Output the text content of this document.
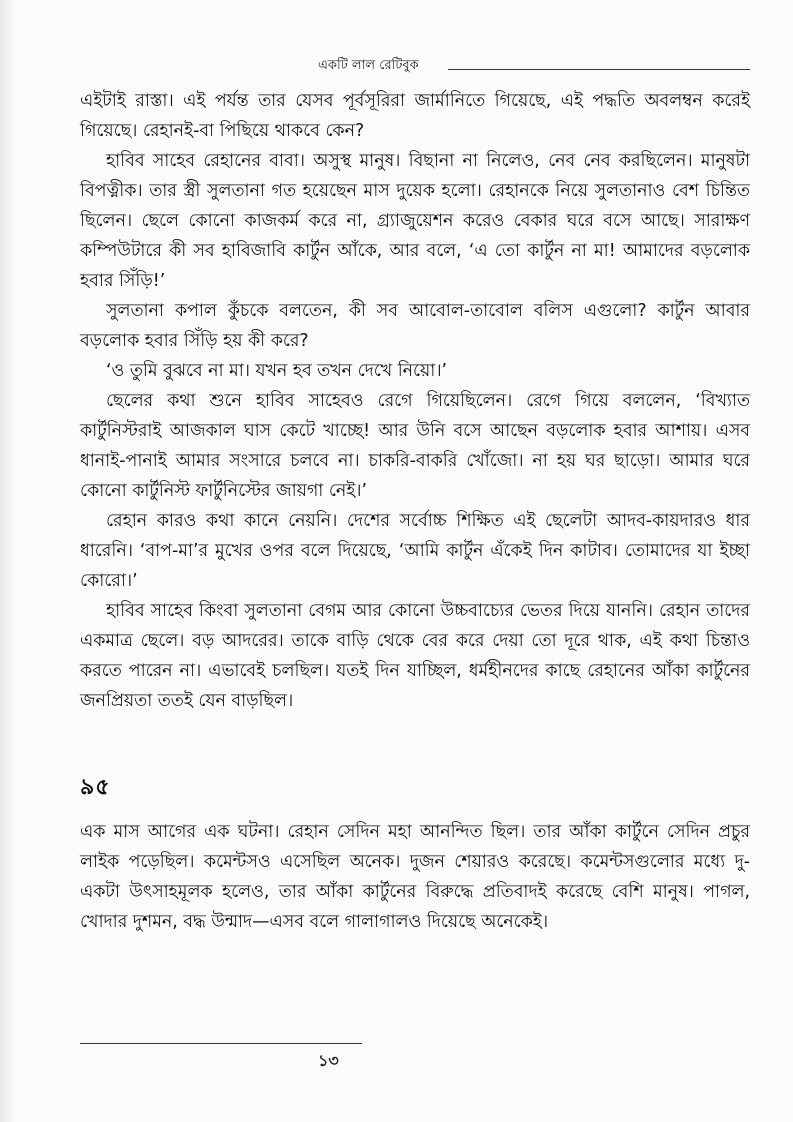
একটি লাল রেটিবুক

এইটাই রাস্তা। এই পর্যন্ত তার যেসব পূর্বসূরিরা জার্মানিতে গিয়েছে, এই পদ্ধতি অবলম্বন করেই গিয়েছে। রেহানই-বা পিছিয়ে থাকবে কেন?

হাবিব সাহেব রেহানের বাবা। অসুস্থ মানুষ। বিছানা না নিলেও, নেব নেব করছিলেন। মানুষটা বিপত্নীক। তার স্ত্রী সুলতানা গত হয়েছেন মাস দুয়েক হলো। রেহানকে নিয়ে সুলতানাও বেশ চিন্তিত ছিলেন। ছেলে কোনো কাজকর্ম করে না, গ্র্যাজুয়েশন করেও বেকার ঘরে বসে আছে। সারাক্ষণ কম্পিউটারে কী সব হাবিজাবি কার্টুন আঁকে, আর বলে, ‘এ তো কার্টুন না মা! আমাদের বড়লোক হবার সিঁড়ি!’

সুলতানা কপাল কুঁচকে বলতেন, কী সব আবোল-তাবোল বলিস এগুলো? কার্টুন আবার বড়লোক হবার সিঁড়ি হয় কী করে?

‘ও তুমি বুঝবে না মা। যখন হব তখন দেখে নিয়ো।’

ছেলের কথা শুনে হাবিব সাহেবও রেগে গিয়েছিলেন। রেগে গিয়ে বললেন, ‘বিখ্যাত কার্টুনিস্টরাই আজকাল ঘাস কেটে খাচ্ছে! আর উনি বসে আছেন বড়লোক হবার আশায়। এসব ধানাই-পানাই আমার সংসারে চলবে না। চাকরি-বাকরি খোঁজো। না হয় ঘর ছাড়ো। আমার ঘরে কোনো কার্টুনিস্ট ফার্টুনিস্টের জায়গা নেই।’

রেহান কারও কথা কানে নেয়নি। দেশের সর্বোচ্চ শিক্ষিত এই ছেলেটা আদব-কায়দারও ধার ধারেনি। ‘বাপ-মা’র মুখের ওপর বলে দিয়েছে, ‘আমি কার্টুন এঁকেই দিন কাটাব। তোমাদের যা ইচ্ছা কোরো।’

হাবিব সাহেব কিংবা সুলতানা বেগম আর কোনো উচ্চবাচ্যের ভেতর দিয়ে যাননি। রেহান তাদের একমাত্র ছেলে। বড় আদরের। তাকে বাড়ি থেকে বের করে দেয়া তো দূরে থাক, এই কথা চিন্তাও করতে পারেন না। এভাবেই চলছিল। যতই দিন যাচ্ছিল, ধর্মহীনদের কাছে রেহানের আঁকা কার্টুনের জনপ্রিয়তা ততই যেন বাড়ছিল।

৯৫

এক মাস আগের এক ঘটনা। রেহান সেদিন মহা আনন্দিত ছিল। তার আঁকা কার্টুনে সেদিন প্রচুর লাইক পড়েছিল। কমেন্টসও এসেছিল অনেক। দুজন শেয়ারও করেছে। কমেন্টসগুলোর মধ্যে দু-একটা উৎসাহমূলক হলেও, তার আঁকা কার্টুনের বিরুদ্ধে প্রতিবাদই করেছে বেশি মানুষ। পাগল, খোদার দুশমন, বদ্ধ উন্মাদ—এসব বলে গালাগালও দিয়েছে অনেকেই।

১৩
